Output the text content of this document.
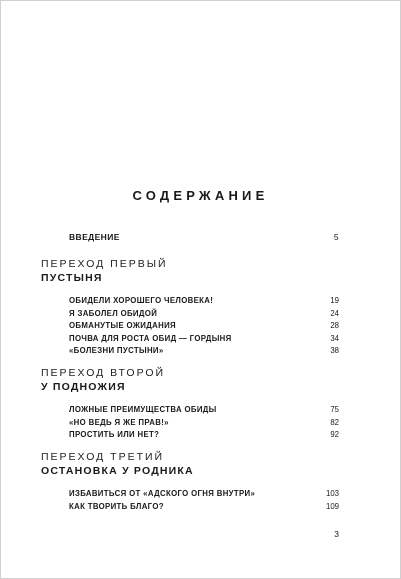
СОДЕРЖАНИЕ
ВВЕДЕНИЕ	5
ПЕРЕХОД ПЕРВЫЙ
ПУСТЫНЯ
ОБИДЕЛИ ХОРОШЕГО ЧЕЛОВЕКА!	19
Я ЗАБОЛЕЛ ОБИДОЙ	24
ОБМАНУТЫЕ ОЖИДАНИЯ	28
ПОЧВА ДЛЯ РОСТА ОБИД — ГОРДЫНЯ	34
«БОЛЕЗНИ ПУСТЫНИ»	38
ПЕРЕХОД ВТОРОЙ
У ПОДНОЖИЯ
ЛОЖНЫЕ ПРЕИМУЩЕСТВА ОБИДЫ	75
«НО ВЕДЬ Я ЖЕ ПРАВ!»	82
ПРОСТИТЬ ИЛИ НЕТ?	92
ПЕРЕХОД ТРЕТИЙ
ОСТАНОВКА У РОДНИКА
ИЗБАВИТЬСЯ ОТ «АДСКОГО ОГНЯ ВНУТРИ»	103
КАК ТВОРИТЬ БЛАГО?	109
3
